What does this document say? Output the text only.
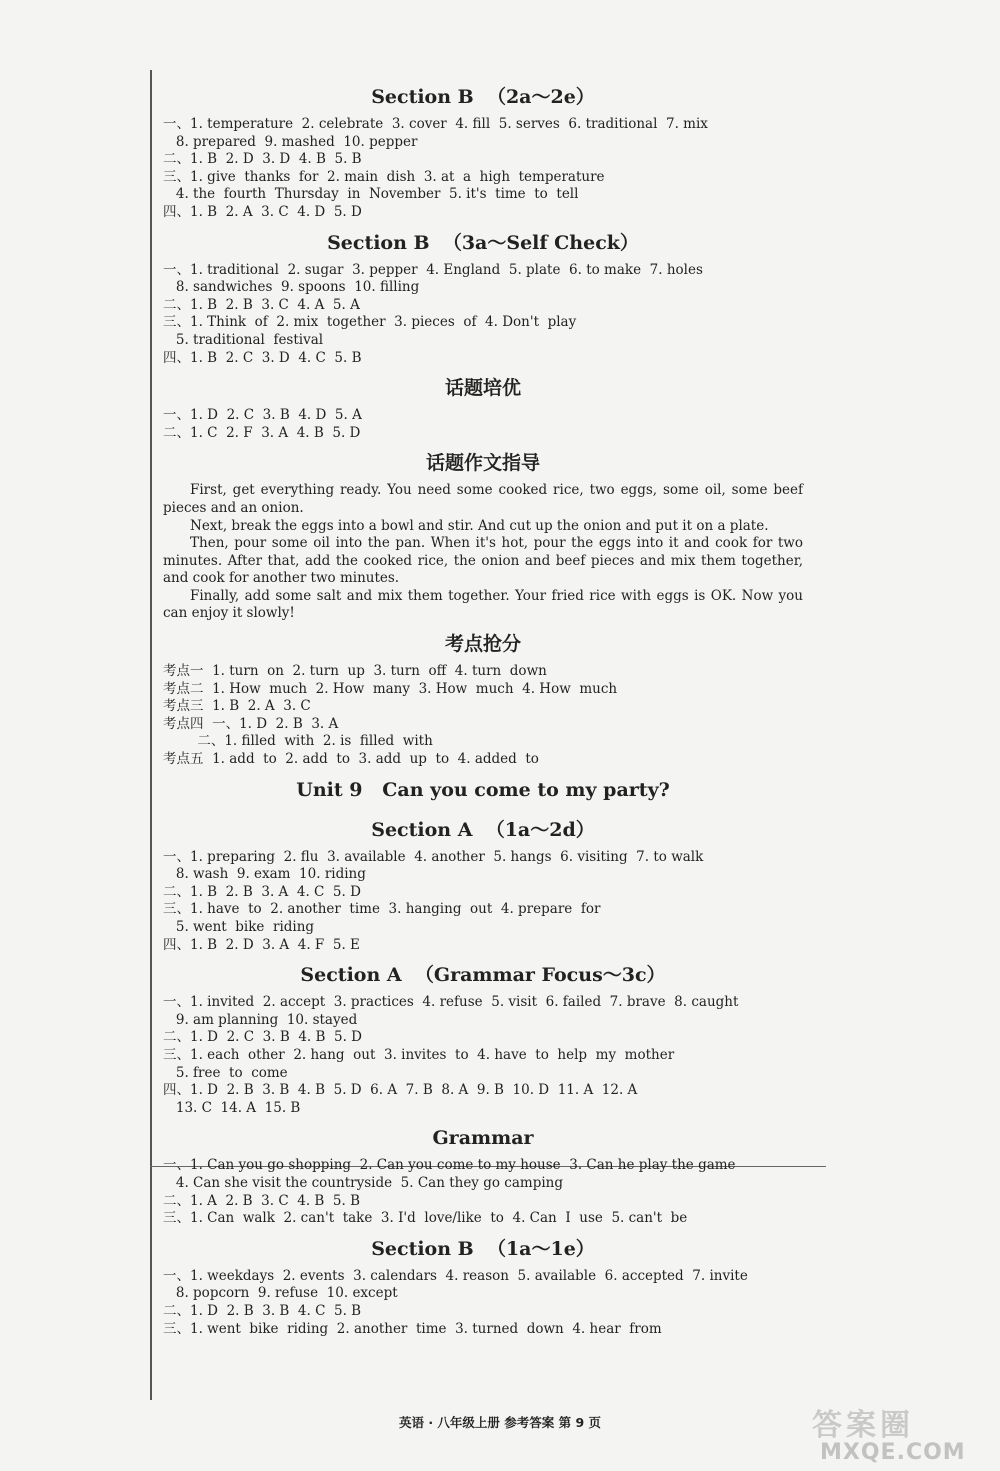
Section B  （2a～2e）
一、1. temperature  2. celebrate  3. cover  4. fill  5. serves  6. traditional  7. mix
8. prepared  9. mashed  10. pepper
二、1. B  2. D  3. D  4. B  5. B
三、1. give  thanks  for  2. main  dish  3. at  a  high  temperature
4. the  fourth  Thursday  in  November  5. it's  time  to  tell
四、1. B  2. A  3. C  4. D  5. D
Section B  （3a～Self Check）
一、1. traditional  2. sugar  3. pepper  4. England  5. plate  6. to make  7. holes
8. sandwiches  9. spoons  10. filling
二、1. B  2. B  3. C  4. A  5. A
三、1. Think  of  2. mix  together  3. pieces  of  4. Don't  play
5. traditional  festival
四、1. B  2. C  3. D  4. C  5. B
话题培优
一、1. D  2. C  3. B  4. D  5. A
二、1. C  2. F  3. A  4. B  5. D
话题作文指导

First, get everything ready. You need some cooked rice, two eggs, some oil, some beef pieces and an onion.

Next, break the eggs into a bowl and stir. And cut up the onion and put it on a plate.

Then, pour some oil into the pan. When it's hot, pour the eggs into it and cook for two minutes. After that, add the cooked rice, the onion and beef pieces and mix them together, and cook for another two minutes.

Finally, add some salt and mix them together. Your fried rice with eggs is OK. Now you can enjoy it slowly!

考点抢分
考点一  1. turn  on  2. turn  up  3. turn  off  4. turn  down
考点二  1. How  much  2. How  many  3. How  much  4. How  much
考点三  1. B  2. A  3. C
考点四  一、1. D  2. B  3. A
二、1. filled  with  2. is  filled  with
考点五  1. add  to  2. add  to  3. add  up  to  4. added  to
Unit 9   Can you come to my party?
Section A  （1a～2d）
一、1. preparing  2. flu  3. available  4. another  5. hangs  6. visiting  7. to walk
8. wash  9. exam  10. riding
二、1. B  2. B  3. A  4. C  5. D
三、1. have  to  2. another  time  3. hanging  out  4. prepare  for
5. went  bike  riding
四、1. B  2. D  3. A  4. F  5. E
Section A  （Grammar Focus～3c）
一、1. invited  2. accept  3. practices  4. refuse  5. visit  6. failed  7. brave  8. caught
9. am planning  10. stayed
二、1. D  2. C  3. B  4. B  5. D
三、1. each  other  2. hang  out  3. invites  to  4. have  to  help  my  mother
5. free  to  come
四、1. D  2. B  3. B  4. B  5. D  6. A  7. B  8. A  9. B  10. D  11. A  12. A
13. C  14. A  15. B
Grammar
一、1. Can you go shopping  2. Can you come to my house  3. Can he play the game
4. Can she visit the countryside  5. Can they go camping
二、1. A  2. B  3. C  4. B  5. B
三、1. Can  walk  2. can't  take  3. I'd  love/like  to  4. Can  I  use  5. can't  be
Section B  （1a～1e）
一、1. weekdays  2. events  3. calendars  4. reason  5. available  6. accepted  7. invite
8. popcorn  9. refuse  10. except
二、1. D  2. B  3. B  4. C  5. B
三、1. went  bike  riding  2. another  time  3. turned  down  4. hear  from
英语 · 八年级上册 参考答案 第 9 页	答案圈
MXQE.COM
